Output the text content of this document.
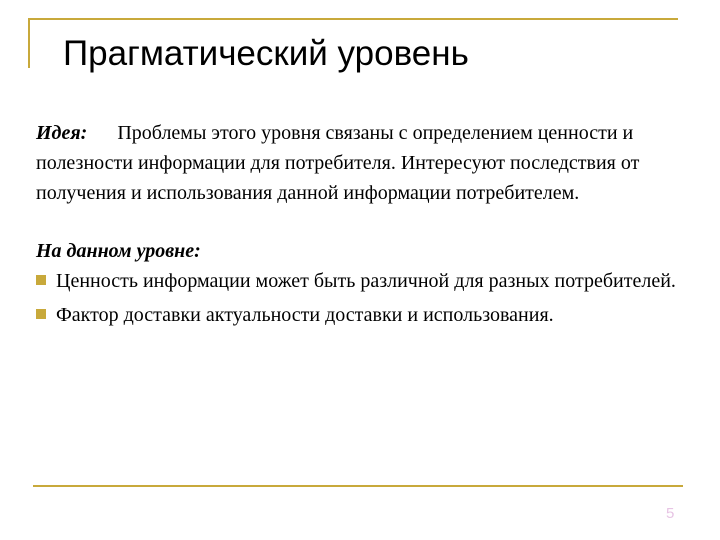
Прагматический уровень
Идея: Проблемы этого уровня связаны с определением ценности и полезности информации для потребителя. Интересуют последствия от получения и использования данной информации потребителем.

На данном уровне:

Ценность информации может быть различной для разных потребителей.

Фактор доставки актуальности доставки и использования.

5
